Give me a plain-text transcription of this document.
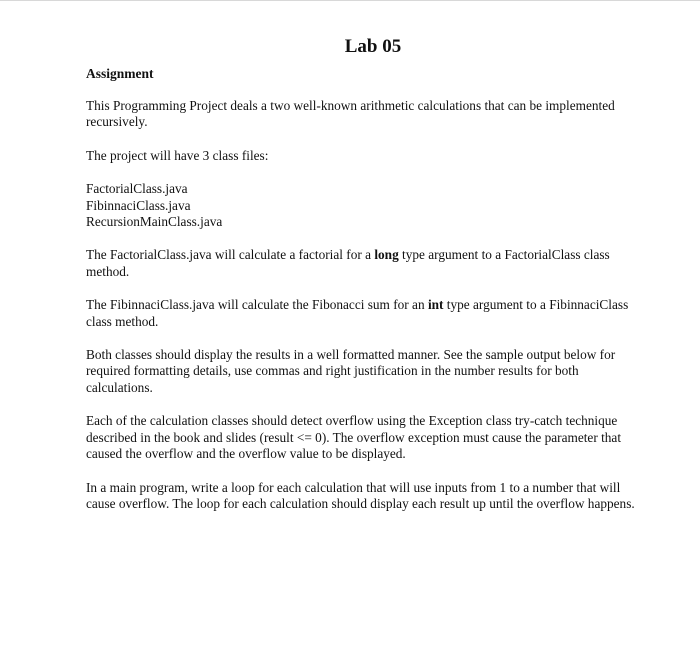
Lab 05
Assignment

This Programming Project deals a two well-known arithmetic calculations that can be implemented recursively.

The project will have 3 class files:

FactorialClass.java
FibinnaciClass.java
RecursionMainClass.java

The FactorialClass.java will calculate a factorial for a long type argument to a FactorialClass class method.

The FibinnaciClass.java will calculate the Fibonacci sum for an int type argument to a FibinnaciClass class method.

Both classes should display the results in a well formatted manner. See the sample output below for required formatting details, use commas and right justification in the number results for both calculations.

Each of the calculation classes should detect overflow using the Exception class try-catch technique described in the book and slides (result <= 0). The overflow exception must cause the parameter that caused the overflow and the overflow value to be displayed.

In a main program, write a loop for each calculation that will use inputs from 1 to a number that will cause overflow. The loop for each calculation should display each result up until the overflow happens.
